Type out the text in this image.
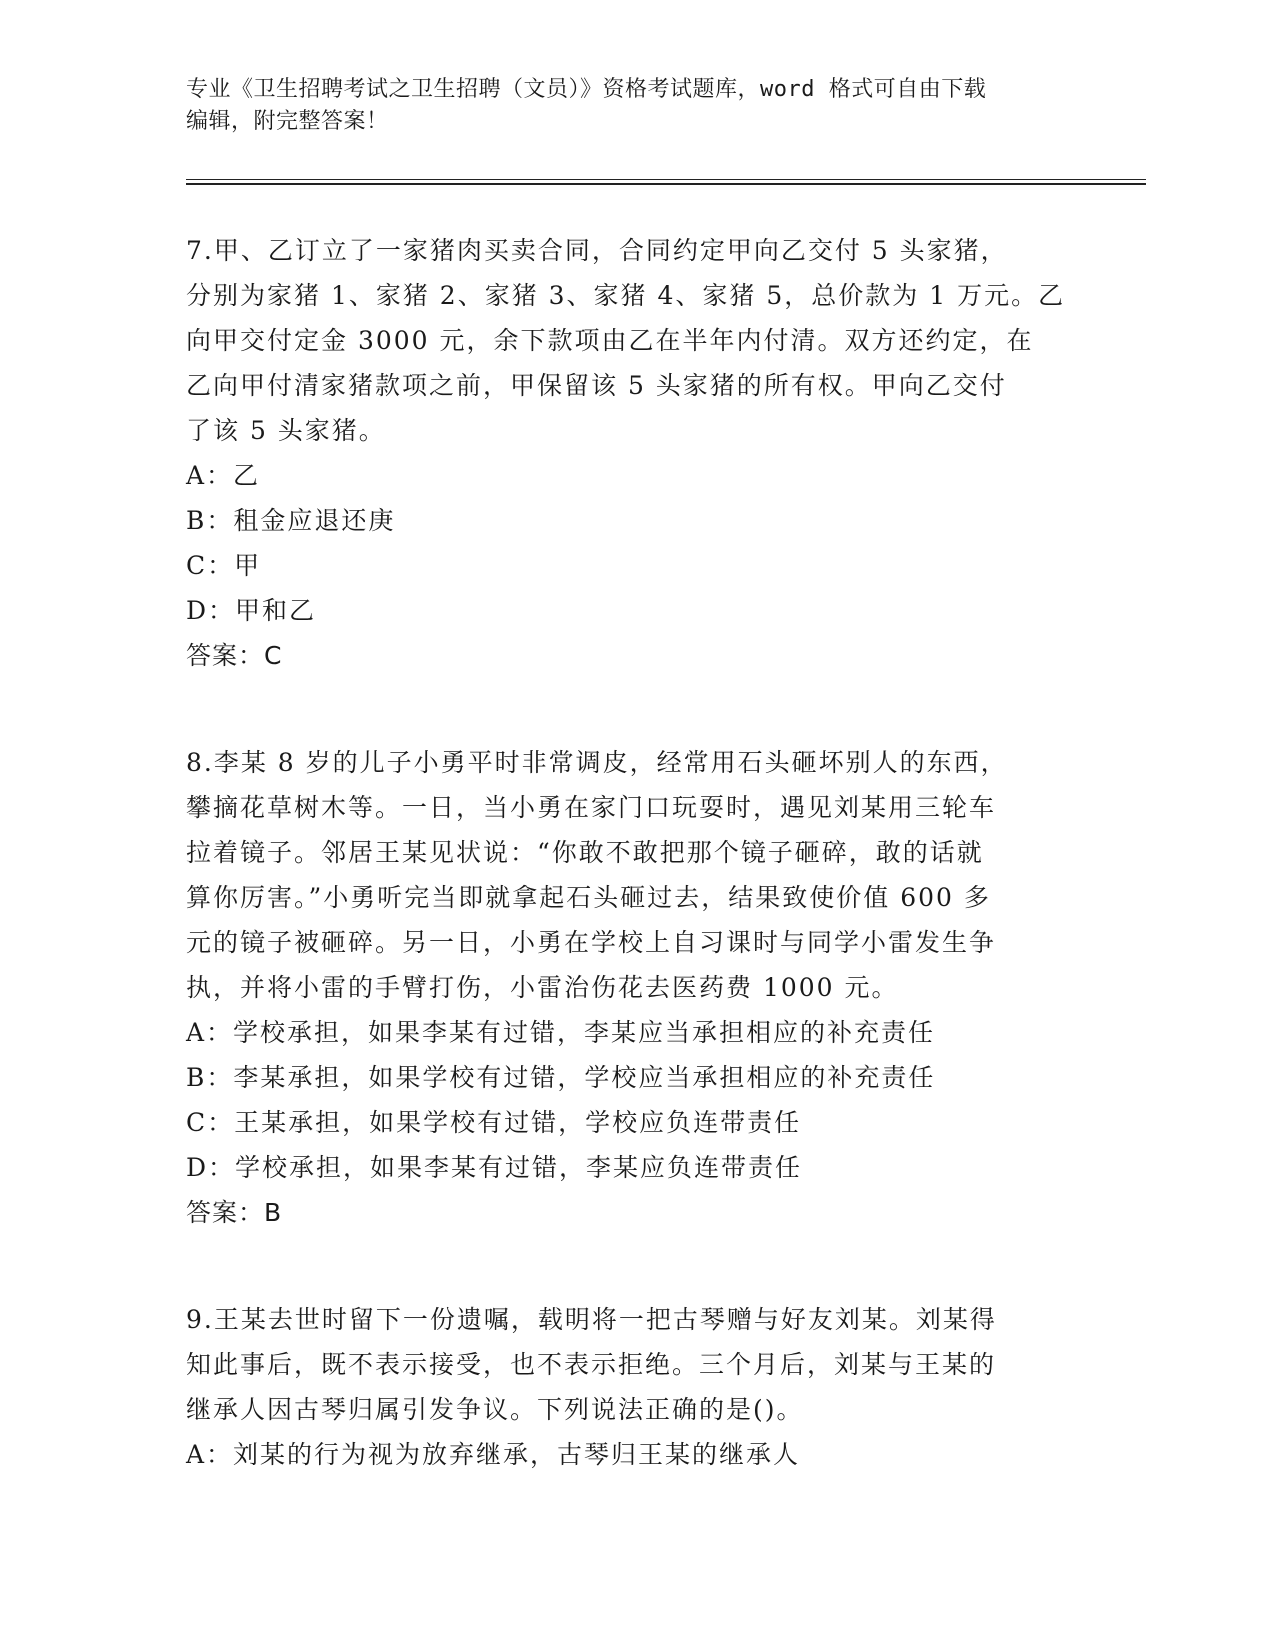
专业《卫生招聘考试之卫生招聘（文员）》资格考试题库，word 格式可自由下载
编辑，附完整答案！
7.甲、乙订立了一家猪肉买卖合同，合同约定甲向乙交付 5 头家猪，
分别为家猪 1、家猪 2、家猪 3、家猪 4、家猪 5，总价款为 1 万元。乙
向甲交付定金 3000 元，余下款项由乙在半年内付清。双方还约定，在
乙向甲付清家猪款项之前，甲保留该 5 头家猪的所有权。甲向乙交付
了该 5 头家猪。
A：乙
B：租金应退还庚
C：甲
D：甲和乙
答案：C
8.李某 8 岁的儿子小勇平时非常调皮，经常用石头砸坏别人的东西，
攀摘花草树木等。一日，当小勇在家门口玩耍时，遇见刘某用三轮车
拉着镜子。邻居王某见状说：“你敢不敢把那个镜子砸碎，敢的话就
算你厉害。”小勇听完当即就拿起石头砸过去，结果致使价值 600 多
元的镜子被砸碎。另一日，小勇在学校上自习课时与同学小雷发生争
执，并将小雷的手臂打伤，小雷治伤花去医药费 1000 元。
A：学校承担，如果李某有过错，李某应当承担相应的补充责任
B：李某承担，如果学校有过错，学校应当承担相应的补充责任
C：王某承担，如果学校有过错，学校应负连带责任
D：学校承担，如果李某有过错，李某应负连带责任
答案：B
9.王某去世时留下一份遗嘱，载明将一把古琴赠与好友刘某。刘某得
知此事后，既不表示接受，也不表示拒绝。三个月后，刘某与王某的
继承人因古琴归属引发争议。下列说法正确的是()。
A：刘某的行为视为放弃继承，古琴归王某的继承人
